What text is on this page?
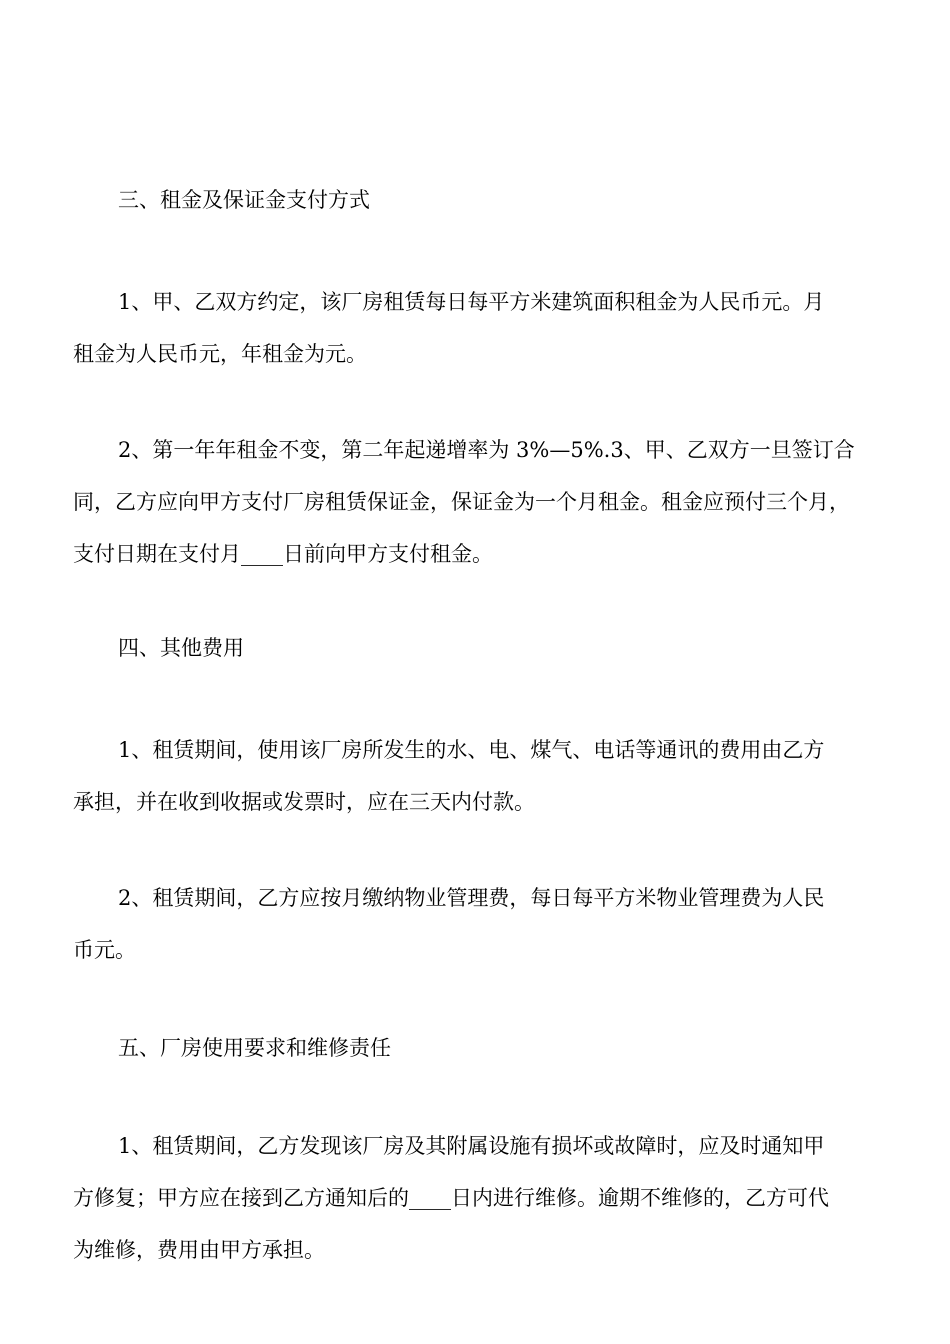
三、租金及保证金支付方式
1、甲、乙双方约定，该厂房租赁每日每平方米建筑面积租金为人民币元。月
租金为人民币元，年租金为元。
2、第一年年租金不变，第二年起递增率为 3%—5%.3、甲、乙双方一旦签订合
同，乙方应向甲方支付厂房租赁保证金，保证金为一个月租金。租金应预付三个月，
支付日期在支付月____日前向甲方支付租金。
四、其他费用
1、租赁期间，使用该厂房所发生的水、电、煤气、电话等通讯的费用由乙方
承担，并在收到收据或发票时，应在三天内付款。
2、租赁期间，乙方应按月缴纳物业管理费，每日每平方米物业管理费为人民
币元。
五、厂房使用要求和维修责任
1、租赁期间，乙方发现该厂房及其附属设施有损坏或故障时，应及时通知甲
方修复；甲方应在接到乙方通知后的____日内进行维修。逾期不维修的，乙方可代
为维修，费用由甲方承担。
